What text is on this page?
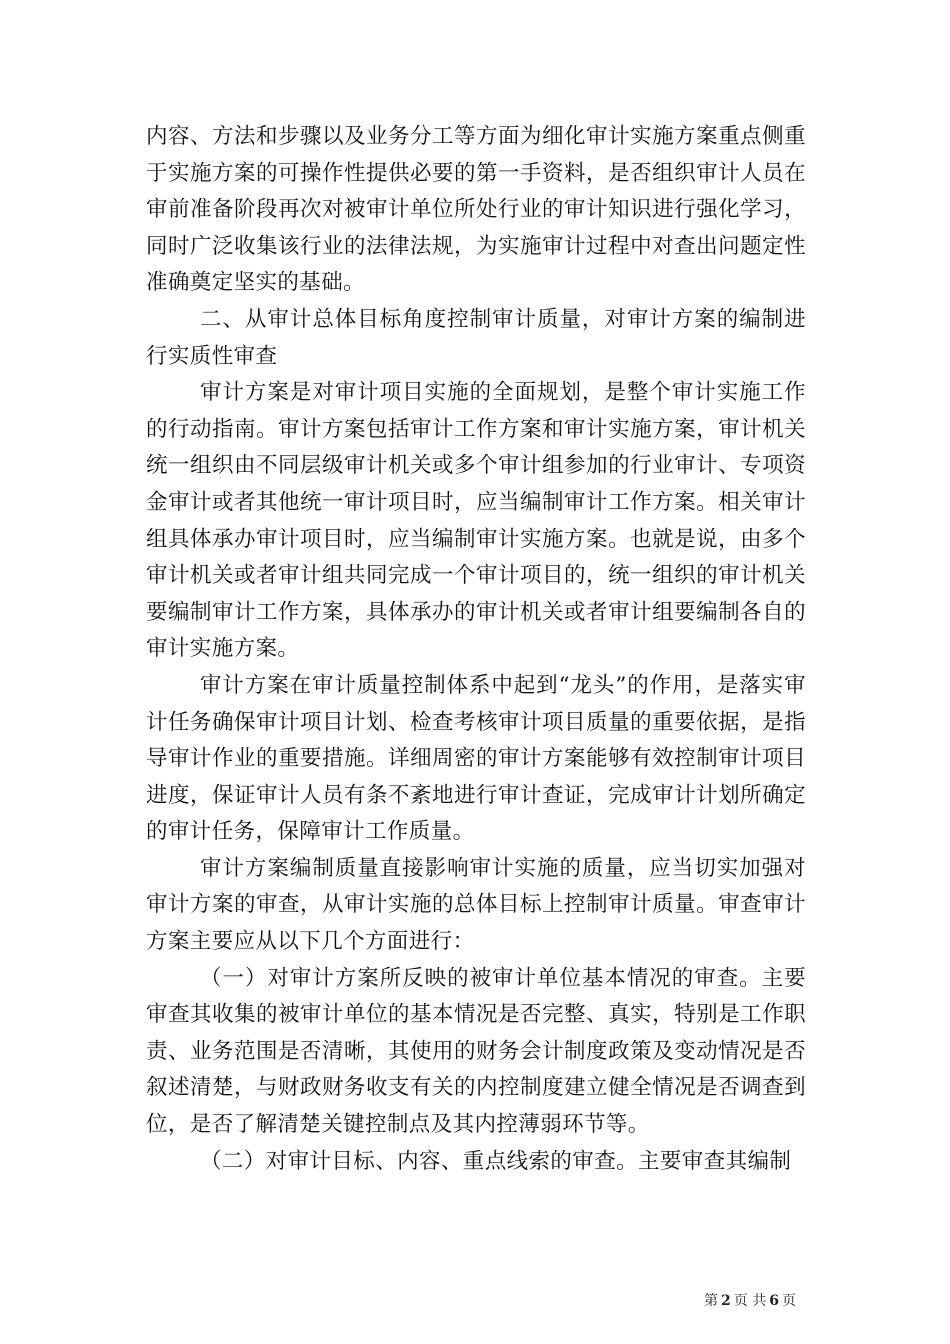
内容、方法和步骤以及业务分工等方面为细化审计实施方案重点侧重于实施方案的可操作性提供必要的第一手资料，是否组织审计人员在审前准备阶段再次对被审计单位所处行业的审计知识进行强化学习，同时广泛收集该行业的法律法规，为实施审计过程中对查出问题定性准确奠定坚实的基础。

二、从审计总体目标角度控制审计质量，对审计方案的编制进行实质性审查

审计方案是对审计项目实施的全面规划，是整个审计实施工作的行动指南。审计方案包括审计工作方案和审计实施方案，审计机关统一组织由不同层级审计机关或多个审计组参加的行业审计、专项资金审计或者其他统一审计项目时，应当编制审计工作方案。相关审计组具体承办审计项目时，应当编制审计实施方案。也就是说，由多个审计机关或者审计组共同完成一个审计项目的，统一组织的审计机关要编制审计工作方案，具体承办的审计机关或者审计组要编制各自的审计实施方案。

审计方案在审计质量控制体系中起到“龙头”的作用，是落实审计任务确保审计项目计划、检查考核审计项目质量的重要依据，是指导审计作业的重要措施。详细周密的审计方案能够有效控制审计项目进度，保证审计人员有条不紊地进行审计查证，完成审计计划所确定的审计任务，保障审计工作质量。

审计方案编制质量直接影响审计实施的质量，应当切实加强对审计方案的审查，从审计实施的总体目标上控制审计质量。审查审计方案主要应从以下几个方面进行：

（一）对审计方案所反映的被审计单位基本情况的审查。主要审查其收集的被审计单位的基本情况是否完整、真实，特别是工作职责、业务范围是否清晰，其使用的财务会计制度政策及变动情况是否叙述清楚，与财政财务收支有关的内控制度建立健全情况是否调查到位，是否了解清楚关键控制点及其内控薄弱环节等。

（二）对审计目标、内容、重点线索的审查。主要审查其编制

第 2 页 共 6 页
